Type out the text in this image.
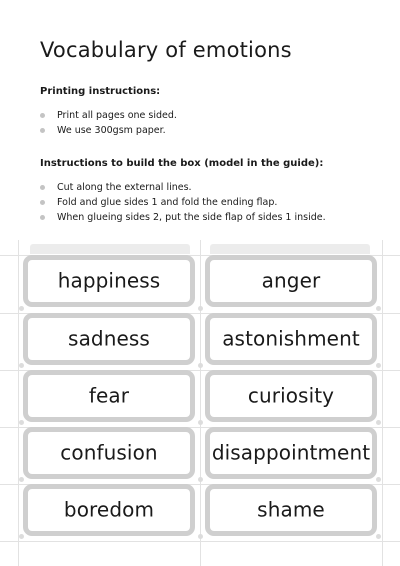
Vocabulary of emotions
Printing instructions:
Print all pages one sided.
We use 300gsm paper.
Instructions to build the box (model in the guide):
Cut along the external lines.
Fold and glue sides 1 and fold the ending flap.
When glueing sides 2, put the side flap of sides 1 inside.
happiness	anger
sadness	astonishment
fear	curiosity
confusion	disappointment
boredom	shame
